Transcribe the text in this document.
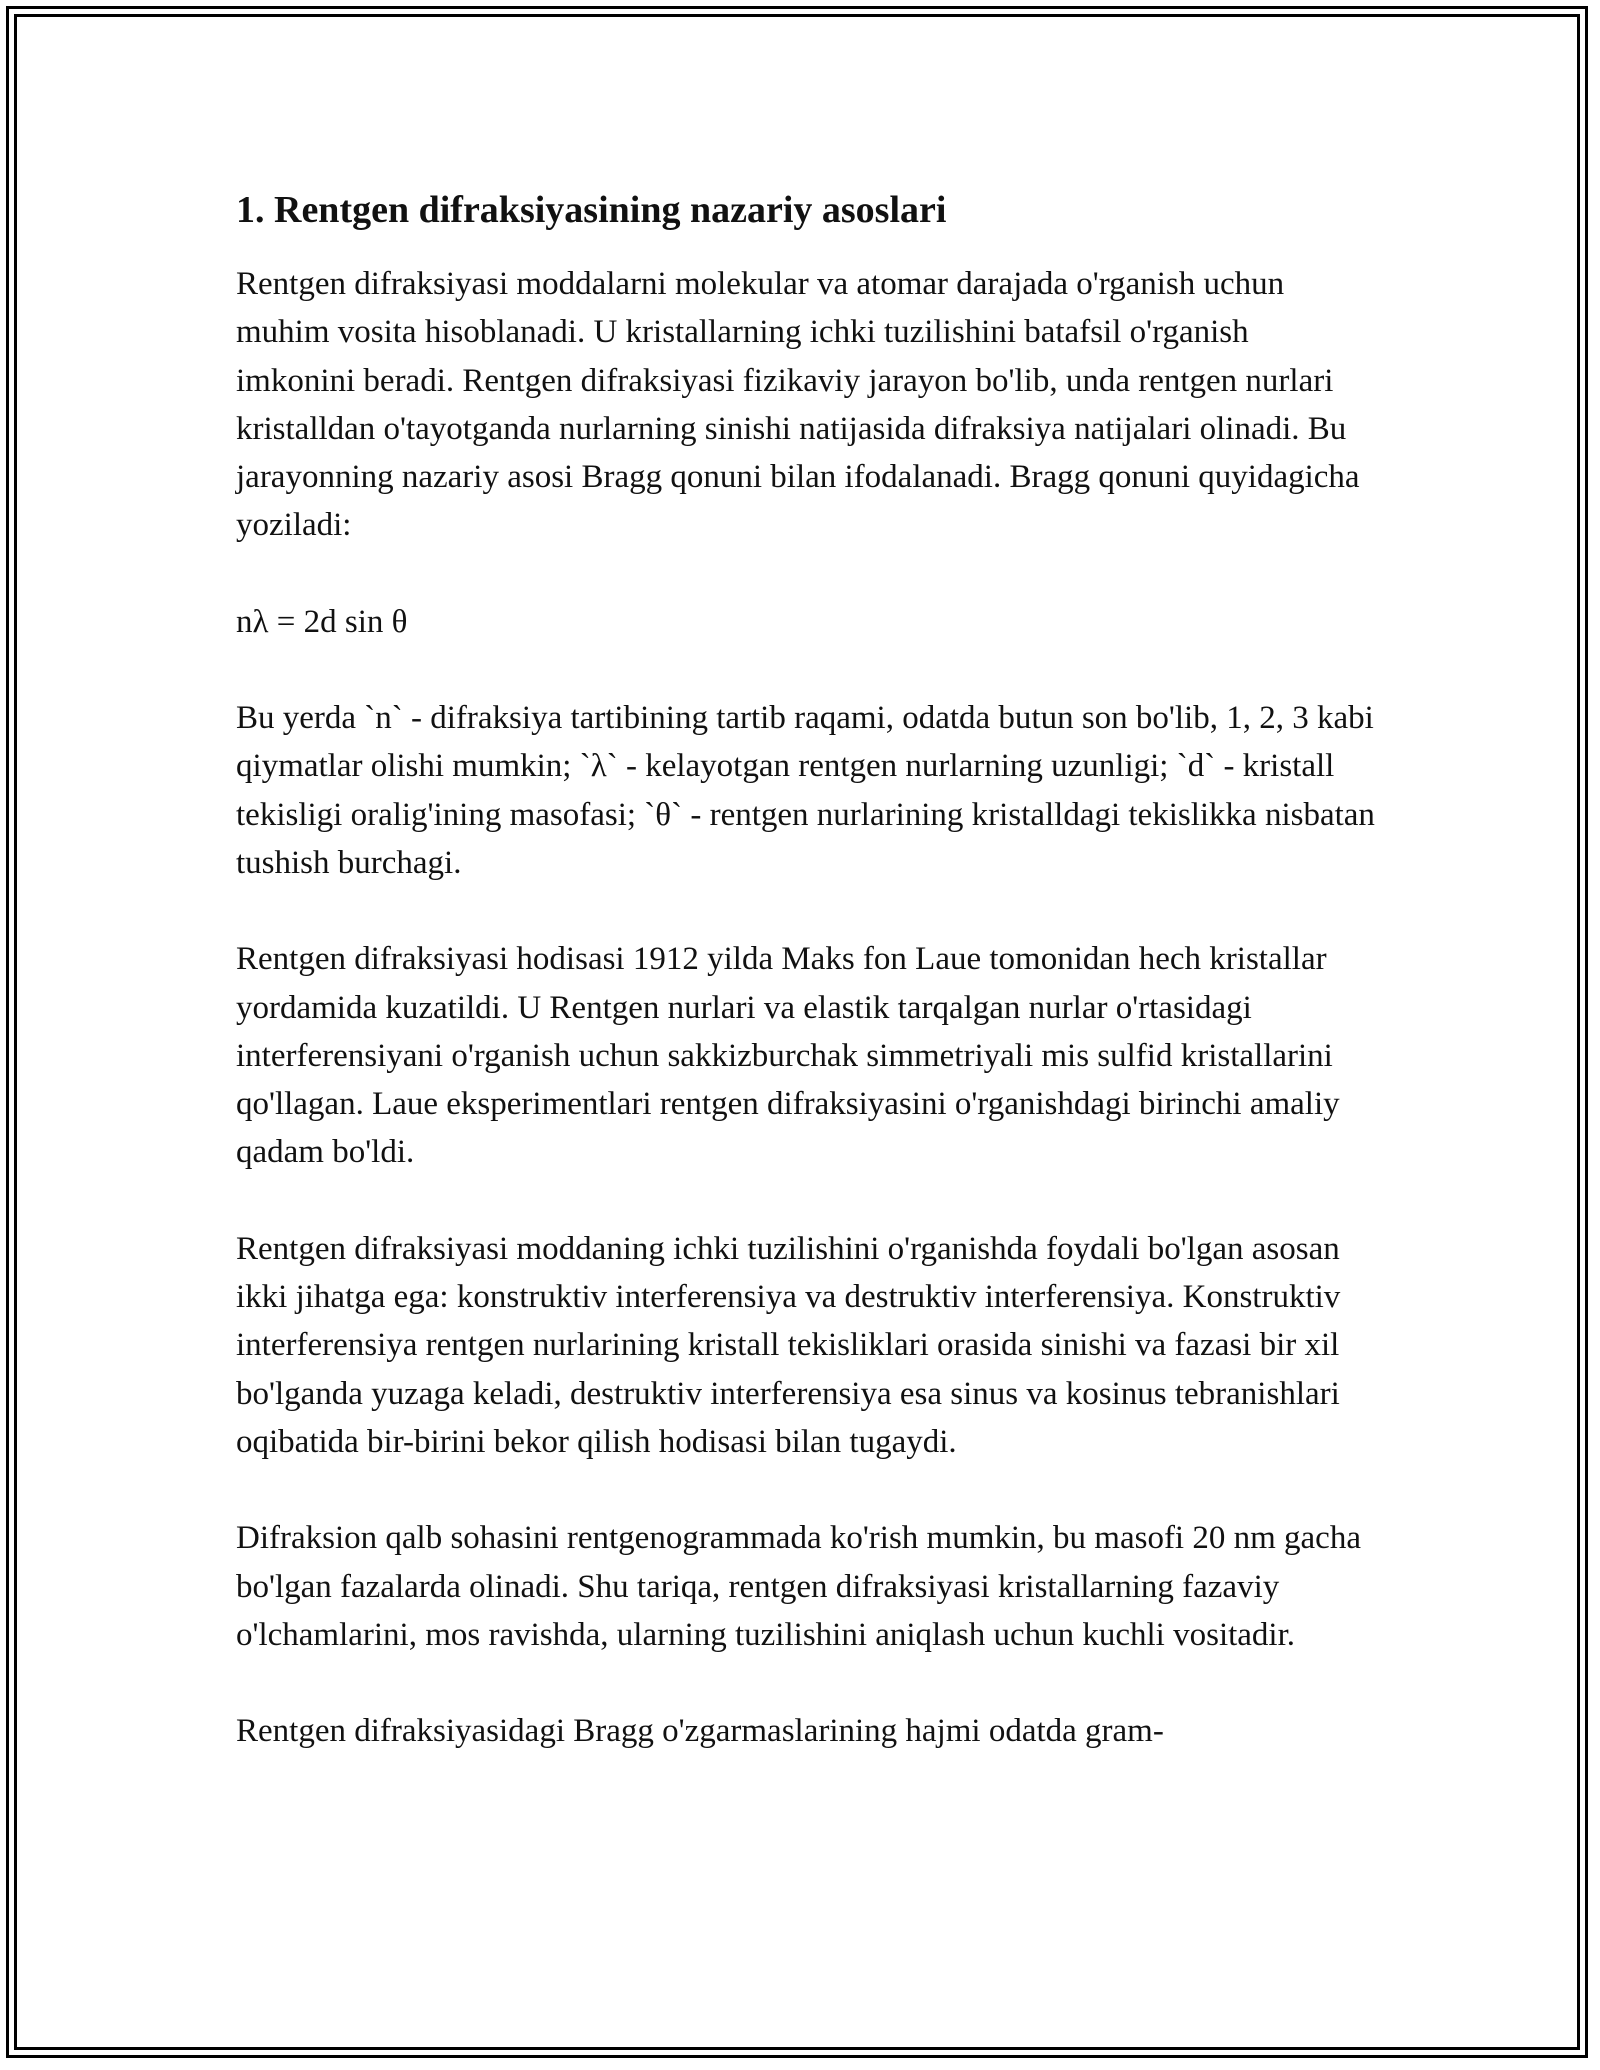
1. Rentgen difraksiyasining nazariy asoslari

Rentgen difraksiyasi moddalarni molekular va atomar darajada o'rganish uchun muhim vosita hisoblanadi. U kristallarning ichki tuzilishini batafsil o'rganish imkonini beradi. Rentgen difraksiyasi fizikaviy jarayon bo'lib, unda rentgen nurlari kristalldan o'tayotganda nurlarning sinishi natijasida difraksiya natijalari olinadi. Bu jarayonning nazariy asosi Bragg qonuni bilan ifodalanadi. Bragg qonuni quyidagicha yoziladi:

nλ = 2d sin θ

Bu yerda `n` - difraksiya tartibining tartib raqami, odatda butun son bo'lib, 1, 2, 3 kabi qiymatlar olishi mumkin; `λ` - kelayotgan rentgen nurlarning uzunligi; `d` - kristall tekisligi oralig'ining masofasi; `θ` - rentgen nurlarining kristalldagi tekislikka nisbatan tushish burchagi.

Rentgen difraksiyasi hodisasi 1912 yilda Maks fon Laue tomonidan hech kristallar yordamida kuzatildi. U Rentgen nurlari va elastik tarqalgan nurlar o'rtasidagi interferensiyani o'rganish uchun sakkizburchak simmetriyali mis sulfid kristallarini qo'llagan. Laue eksperimentlari rentgen difraksiyasini o'rganishdagi birinchi amaliy qadam bo'ldi.

Rentgen difraksiyasi moddaning ichki tuzilishini o'rganishda foydali bo'lgan asosan ikki jihatga ega: konstruktiv interferensiya va destruktiv interferensiya. Konstruktiv interferensiya rentgen nurlarining kristall tekisliklari orasida sinishi va fazasi bir xil bo'lganda yuzaga keladi, destruktiv interferensiya esa sinus va kosinus tebranishlari oqibatida bir-birini bekor qilish hodisasi bilan tugaydi.

Difraksion qalb sohasini rentgenogrammada ko'rish mumkin, bu masofi 20 nm gacha bo'lgan fazalarda olinadi. Shu tariqa, rentgen difraksiyasi kristallarning fazaviy o'lchamlarini, mos ravishda, ularning tuzilishini aniqlash uchun kuchli vositadir.

Rentgen difraksiyasidagi Bragg o'zgarmaslarining hajmi odatda gram-
